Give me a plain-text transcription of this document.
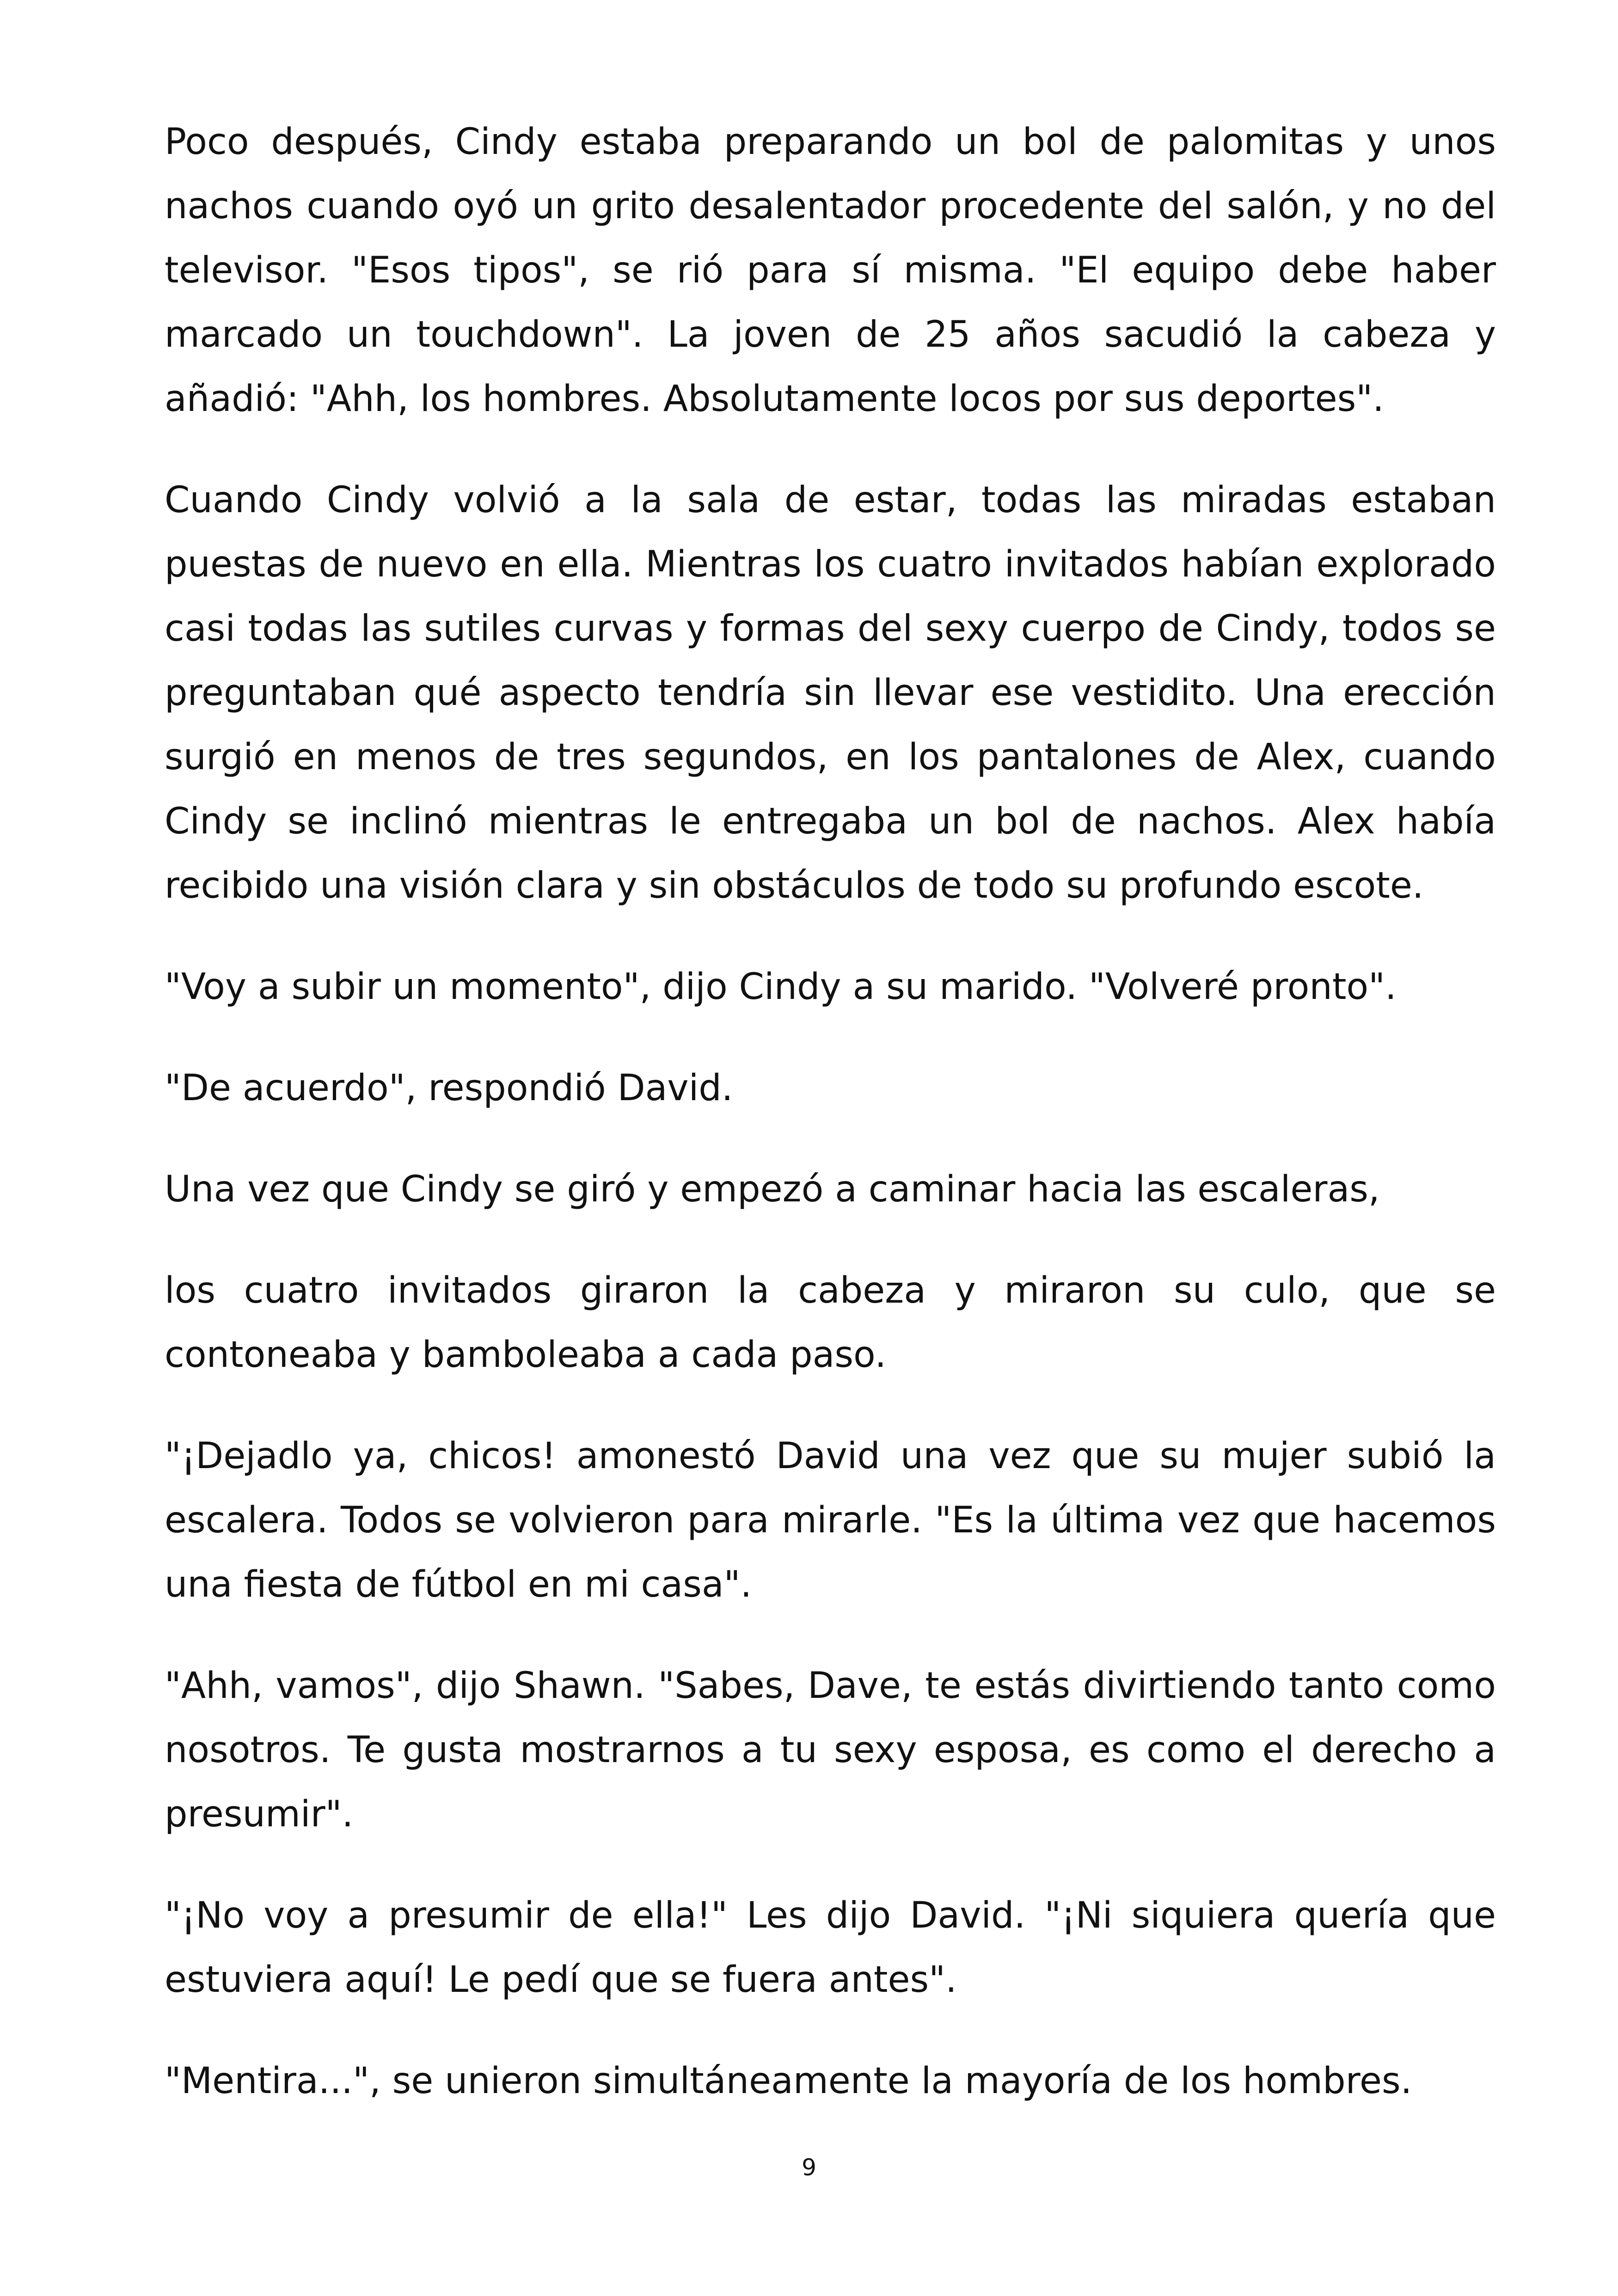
Poco después, Cindy estaba preparando un bol de palomitas y unos nachos cuando oyó un grito desalentador procedente del salón, y no del televisor. "Esos tipos", se rió para sí misma. "El equipo debe haber marcado un touchdown". La joven de 25 años sacudió la cabeza y añadió: "Ahh, los hombres. Absolutamente locos por sus deportes".

Cuando Cindy volvió a la sala de estar, todas las miradas estaban puestas de nuevo en ella. Mientras los cuatro invitados habían explorado casi todas las sutiles curvas y formas del sexy cuerpo de Cindy, todos se preguntaban qué aspecto tendría sin llevar ese vestidito. Una erección surgió en menos de tres segundos, en los pantalones de Alex, cuando Cindy se inclinó mientras le entregaba un bol de nachos. Alex había recibido una visión clara y sin obstáculos de todo su profundo escote.

"Voy a subir un momento", dijo Cindy a su marido. "Volveré pronto".

"De acuerdo", respondió David.

Una vez que Cindy se giró y empezó a caminar hacia las escaleras,

los cuatro invitados giraron la cabeza y miraron su culo, que se contoneaba y bamboleaba a cada paso.

"¡Dejadlo ya, chicos! amonestó David una vez que su mujer subió la escalera. Todos se volvieron para mirarle. "Es la última vez que hacemos una fiesta de fútbol en mi casa".

"Ahh, vamos", dijo Shawn. "Sabes, Dave, te estás divirtiendo tanto como nosotros. Te gusta mostrarnos a tu sexy esposa, es como el derecho a presumir".

"¡No voy a presumir de ella!" Les dijo David. "¡Ni siquiera quería que estuviera aquí! Le pedí que se fuera antes".

"Mentira...", se unieron simultáneamente la mayoría de los hombres.

9
